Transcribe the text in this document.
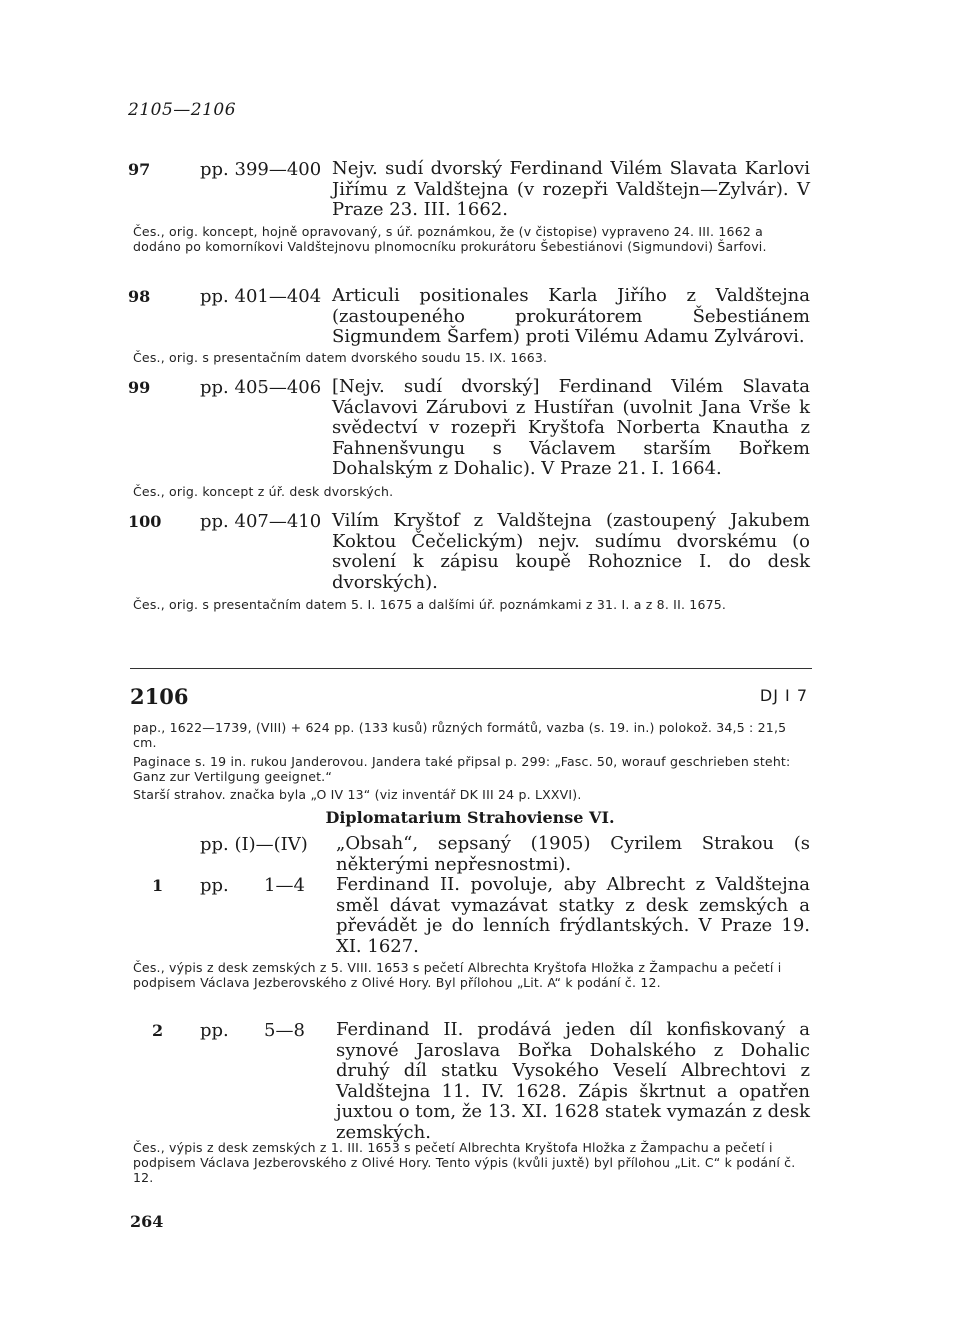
2105—2106
97	pp. 399—400 Nejv. sudí dvorský Ferdinand Vilém Slavata Karlovi Jiřímu z Valdštejna (v rozepři Valdštejn—Zylvár). V Praze 23. III. 1662.
Čes., orig. koncept, hojně opravovaný, s úř. poznámkou, že (v čistopise) vypraveno 24. III. 1662 a dodáno po komorníkovi Valdštejnovu plnomocníku prokurátoru Šebestiánovi (Sigmundovi) Šarfovi.
98	pp. 401—404 Articuli positionales Karla Jiřího z Valdštejna (zastoupeného prokurátorem Šebestiánem Sigmundem Šarfem) proti Vilému Adamu Zylvárovi.
Čes., orig. s presentačním datem dvorského soudu 15. IX. 1663.
99	pp. 405—406 [Nejv. sudí dvorský] Ferdinand Vilém Slavata Václavovi Zárubovi z Hustířan (uvolnit Jana Vrše k svědectví v rozepři Kryštofa Norberta Knautha z Fahnenšvungu s Václavem starším Bořkem Dohalským z Dohalic). V Praze 21. I. 1664.
Čes., orig. koncept z úř. desk dvorských.
100 pp. 407—410 Vilím Kryštof z Valdštejna (zastoupený Jakubem Koktou Čečelickým) nejv. sudímu dvorskému (o svolení k zápisu koupě Rohoznice I. do desk dvorských).
Čes., orig. s presentačním datem 5. I. 1675 a dalšími úř. poznámkami z 31. I. a z 8. II. 1675.
2106	DJ I 7
pap., 1622—1739, (VIII) + 624 pp. (133 kusů) různých formátů, vazba (s. 19. in.) polokož. 34,5 : 21,5 cm.
Paginace s. 19 in. rukou Janderovou. Jandera také připsal p. 299: „Fasc. 50, worauf geschrieben steht: Ganz zur Vertilgung geeignet.“
Starší strahov. značka byla „O IV 13“ (viz inventář DK III 24 p. LXXVI).
Diplomatarium Strahoviense VI.
pp. (I)—(IV) „Obsah“, sepsaný (1905) Cyrilem Strakou (s některými nepřesnostmi).
1 pp. 1—4 Ferdinand II. povoluje, aby Albrecht z Valdštejna směl dávat vymazávat statky z desk zemských a převádět je do lenních frýdlantských. V Praze 19. XI. 1627.
Čes., výpis z desk zemských z 5. VIII. 1653 s pečetí Albrechta Kryštofa Hložka z Žampachu a pečetí i podpisem Václava Jezberovského z Olivé Hory. Byl přílohou „Lit. A“ k podání č. 12.
2 pp. 5—8 Ferdinand II. prodává jeden díl konfiskovaný a synové Jaroslava Bořka Dohalského z Dohalic druhý díl statku Vysokého Veselí Albrechtovi z Valdštejna 11. IV. 1628. Zápis škrtnut a opatřen juxtou o tom, že 13. XI. 1628 statek vymazán z desk zemských.
Čes., výpis z desk zemských z 1. III. 1653 s pečetí Albrechta Kryštofa Hložka z Žampachu a pečetí i podpisem Václava Jezberovského z Olivé Hory. Tento výpis (kvůli juxtě) byl přílohou „Lit. C“ k podání č. 12.
264
